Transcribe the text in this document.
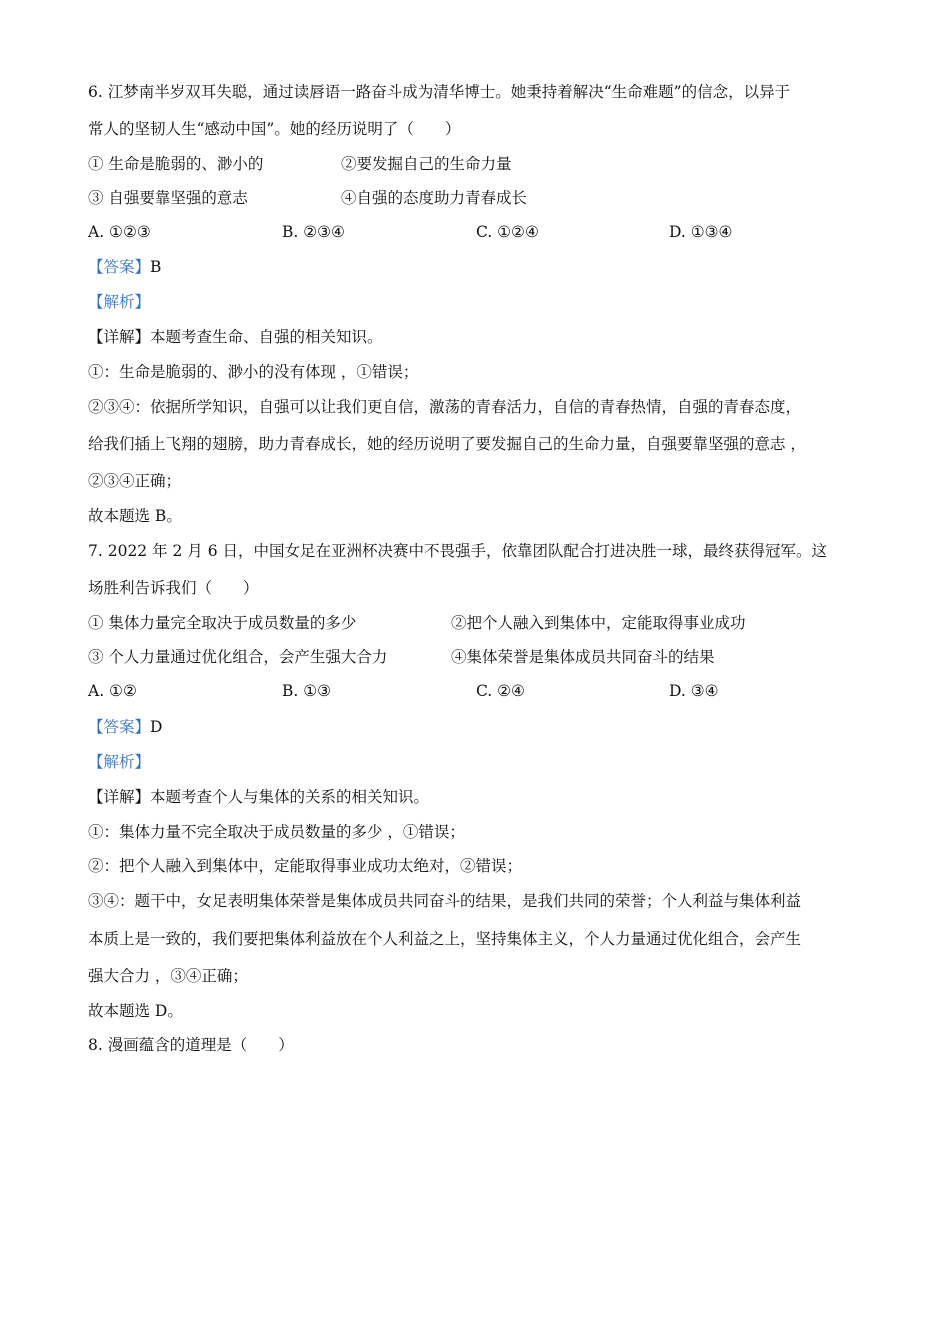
6. 江梦南半岁双耳失聪，通过读唇语一路奋斗成为清华博士。她秉持着解决“生命难题”的信念，以异于
常人的坚韧人生“感动中国”。她的经历说明了（　　）
① 生命是脆弱的、渺小的	②要发掘自己的生命力量
③ 自强要靠坚强的意志	④自强的态度助力青春成长
A. ①②③	B. ②③④	C. ①②④	D. ①③④
【答案】B
【解析】
【详解】本题考查生命、自强的相关知识。
①：生命是脆弱的、渺小的没有体现 ，①错误；
②③④：依据所学知识，自强可以让我们更自信，激荡的青春活力，自信的青春热情，自强的青春态度，
给我们插上飞翔的翅膀，助力青春成长，她的经历说明了要发掘自己的生命力量，自强要靠坚强的意志 ，
②③④正确；
故本题选 B。
7. 2022 年 2 月 6 日，中国女足在亚洲杯决赛中不畏强手，依靠团队配合打进决胜一球，最终获得冠军。这
场胜利告诉我们（　　）
① 集体力量完全取决于成员数量的多少	②把个人融入到集体中，定能取得事业成功
③ 个人力量通过优化组合，会产生强大合力	④集体荣誉是集体成员共同奋斗的结果
A. ①②	B. ①③	C. ②④	D. ③④
【答案】D
【解析】
【详解】本题考查个人与集体的关系的相关知识。
①：集体力量不完全取决于成员数量的多少 ，①错误；
②：把个人融入到集体中，定能取得事业成功太绝对，②错误；
③④：题干中，女足表明集体荣誉是集体成员共同奋斗的结果，是我们共同的荣誉；个人利益与集体利益
本质上是一致的，我们要把集体利益放在个人利益之上，坚持集体主义，个人力量通过优化组合，会产生
强大合力 ，③④正确；
故本题选 D。
8. 漫画蕴含的道理是（　　）
